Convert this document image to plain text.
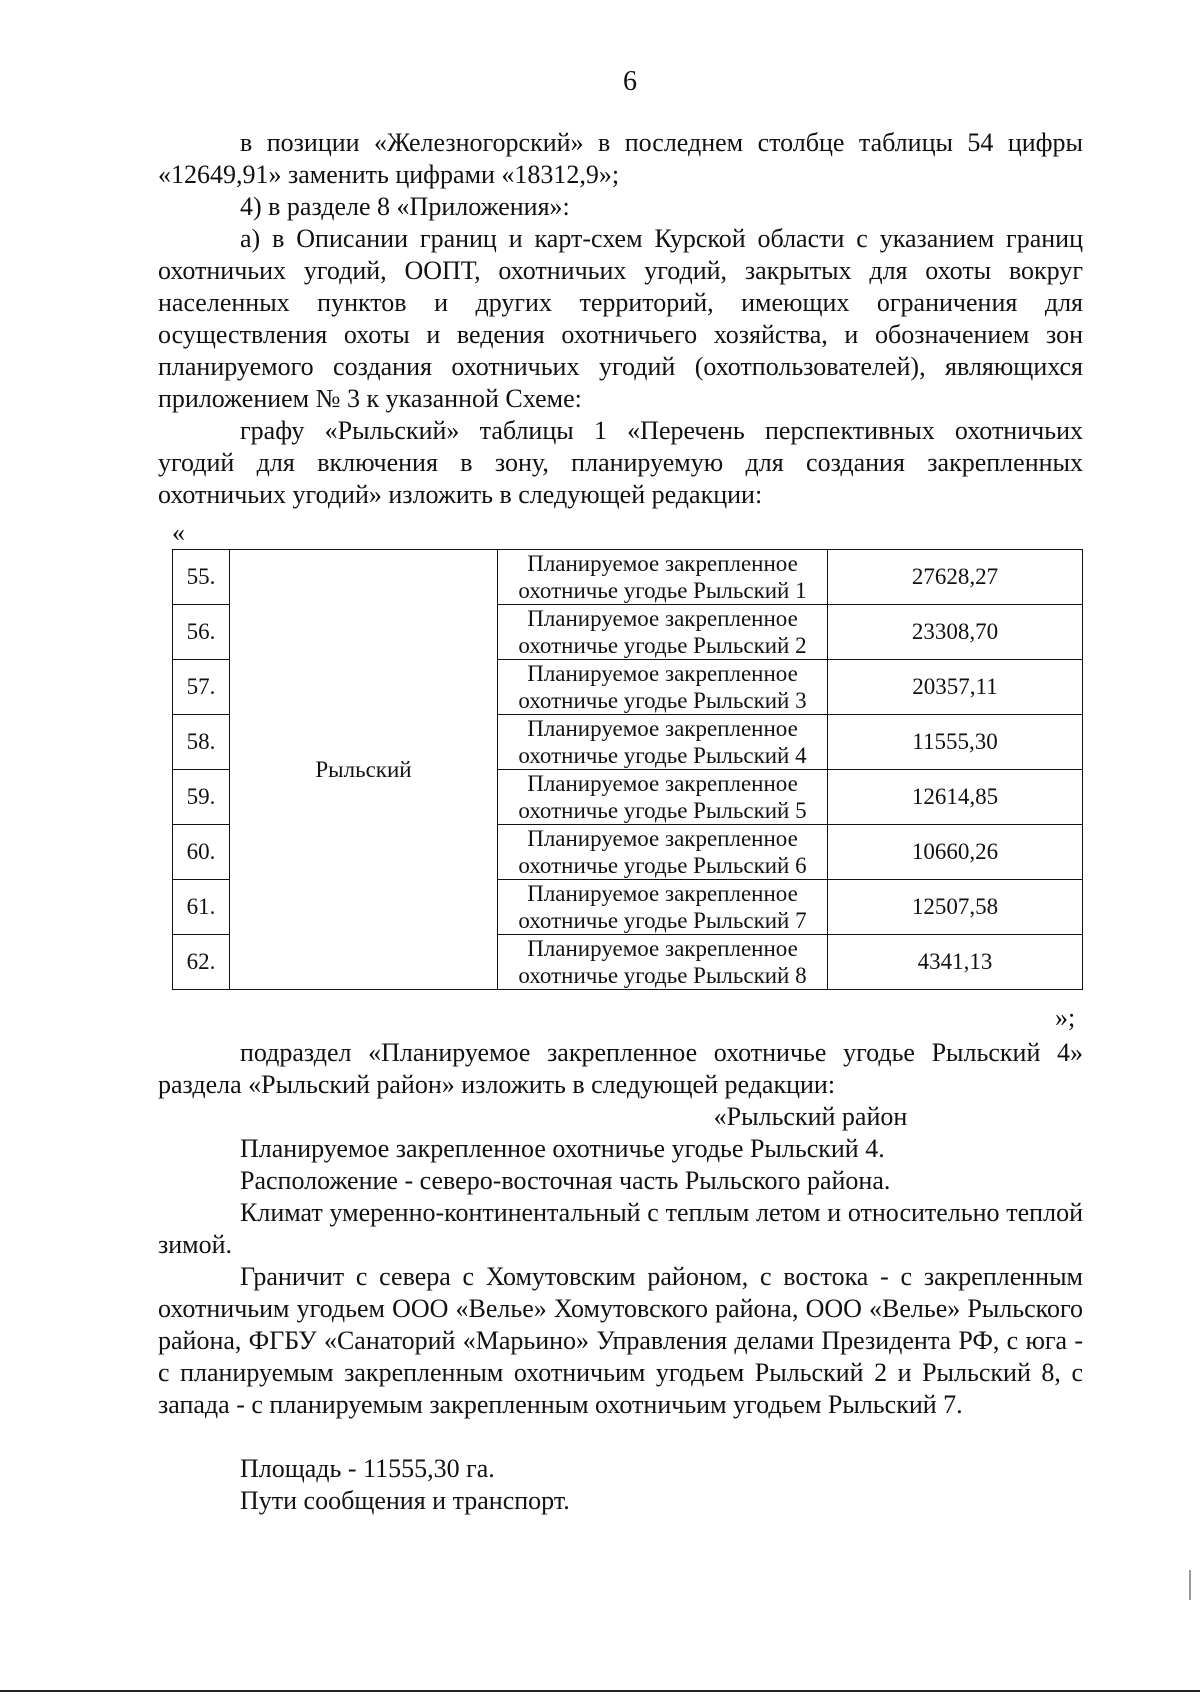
6
в позиции «Железногорский» в последнем столбце таблицы 54 цифры «12649,91» заменить цифрами «18312,9»;
4) в разделе 8 «Приложения»:
а) в Описании границ и карт-схем Курской области с указанием границ охотничьих угодий, ООПТ, охотничьих угодий, закрытых для охоты вокруг населенных пунктов и других территорий, имеющих ограничения для осуществления охоты и ведения охотничьего хозяйства, и обозначением зон планируемого создания охотничьих угодий (охотпользователей), являющихся приложением № 3 к указанной Схеме:
графу «Рыльский» таблицы 1 «Перечень перспективных охотничьих угодий для включения в зону, планируемую для создания закрепленных охотничьих угодий» изложить в следующей редакции:
«
55.	Рыльский	Планируемое закрепленное
охотничье угодье Рыльский 1	27628,27
56.		Планируемое закрепленное
охотничье угодье Рыльский 2	23308,70
57.		Планируемое закрепленное
охотничье угодье Рыльский 3	20357,11
58.		Планируемое закрепленное
охотничье угодье Рыльский 4	11555,30
59.		Планируемое закрепленное
охотничье угодье Рыльский 5	12614,85
60.		Планируемое закрепленное
охотничье угодье Рыльский 6	10660,26
61.		Планируемое закрепленное
охотничье угодье Рыльский 7	12507,58
62.		Планируемое закрепленное
охотничье угодье Рыльский 8	4341,13
»;
подраздел «Планируемое закрепленное охотничье угодье Рыльский 4» раздела «Рыльский район» изложить в следующей редакции:
«Рыльский район
Планируемое закрепленное охотничье угодье Рыльский 4.
Расположение - северо-восточная часть Рыльского района.
Климат умеренно-континентальный с теплым летом и относительно теплой зимой.
Граничит с севера с Хомутовским районом, с востока - с закрепленным охотничьим угодьем ООО «Велье» Хомутовского района, ООО «Велье» Рыльского района, ФГБУ «Санаторий «Марьино» Управления делами Президента РФ, с юга - с планируемым закрепленным охотничьим угодьем Рыльский 2 и Рыльский 8, с запада - с планируемым закрепленным охотничьим угодьем Рыльский 7.
Площадь - 11555,30 га.
Пути сообщения и транспорт.
